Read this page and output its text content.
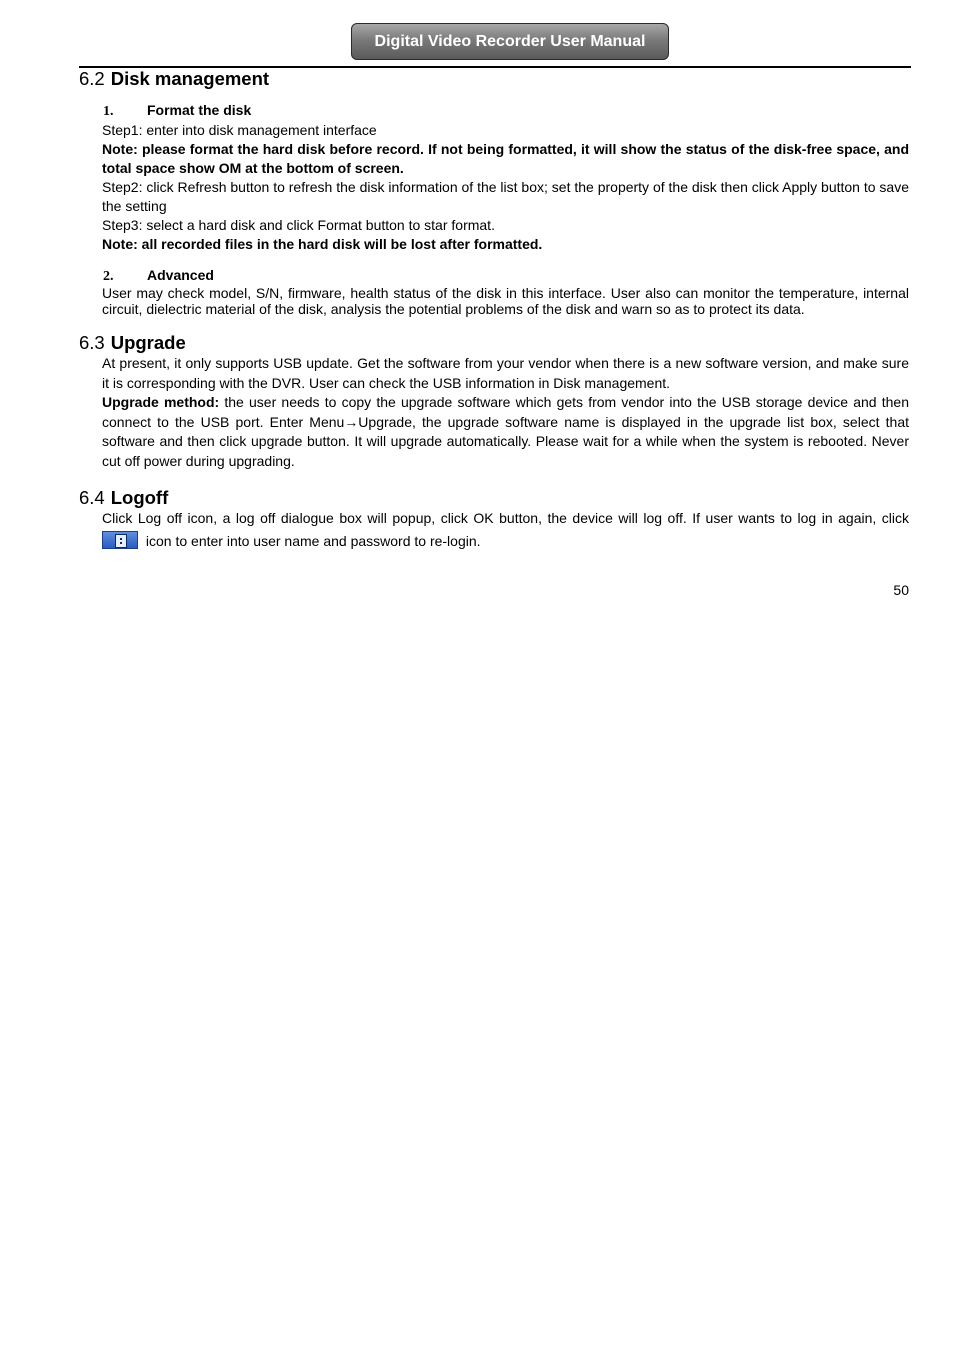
Digital Video Recorder User Manual
6.2 Disk management
1. Format the disk
Step1: enter into disk management interface
Note: please format the hard disk before record. If not being formatted, it will show the status of the disk-free space, and total space show OM at the bottom of screen.
Step2: click Refresh button to refresh the disk information of the list box; set the property of the disk then click Apply button to save the setting
Step3: select a hard disk and click Format button to star format.
Note: all recorded files in the hard disk will be lost after formatted.
2. Advanced
User may check model, S/N, firmware, health status of the disk in this interface. User also can monitor the temperature, internal circuit, dielectric material of the disk, analysis the potential problems of the disk and warn so as to protect its data.
6.3 Upgrade
At present, it only supports USB update. Get the software from your vendor when there is a new software version, and make sure it is corresponding with the DVR. User can check the USB information in Disk management.
Upgrade method: the user needs to copy the upgrade software which gets from vendor into the USB storage device and then connect to the USB port. Enter Menu→Upgrade, the upgrade software name is displayed in the upgrade list box, select that software and then click upgrade button. It will upgrade automatically. Please wait for a while when the system is rebooted. Never cut off power during upgrading.
6.4 Logoff
Click Log off icon, a log off dialogue box will popup, click OK button, the device will log off. If user wants to log in again, click
icon to enter into user name and password to re-login.
50
